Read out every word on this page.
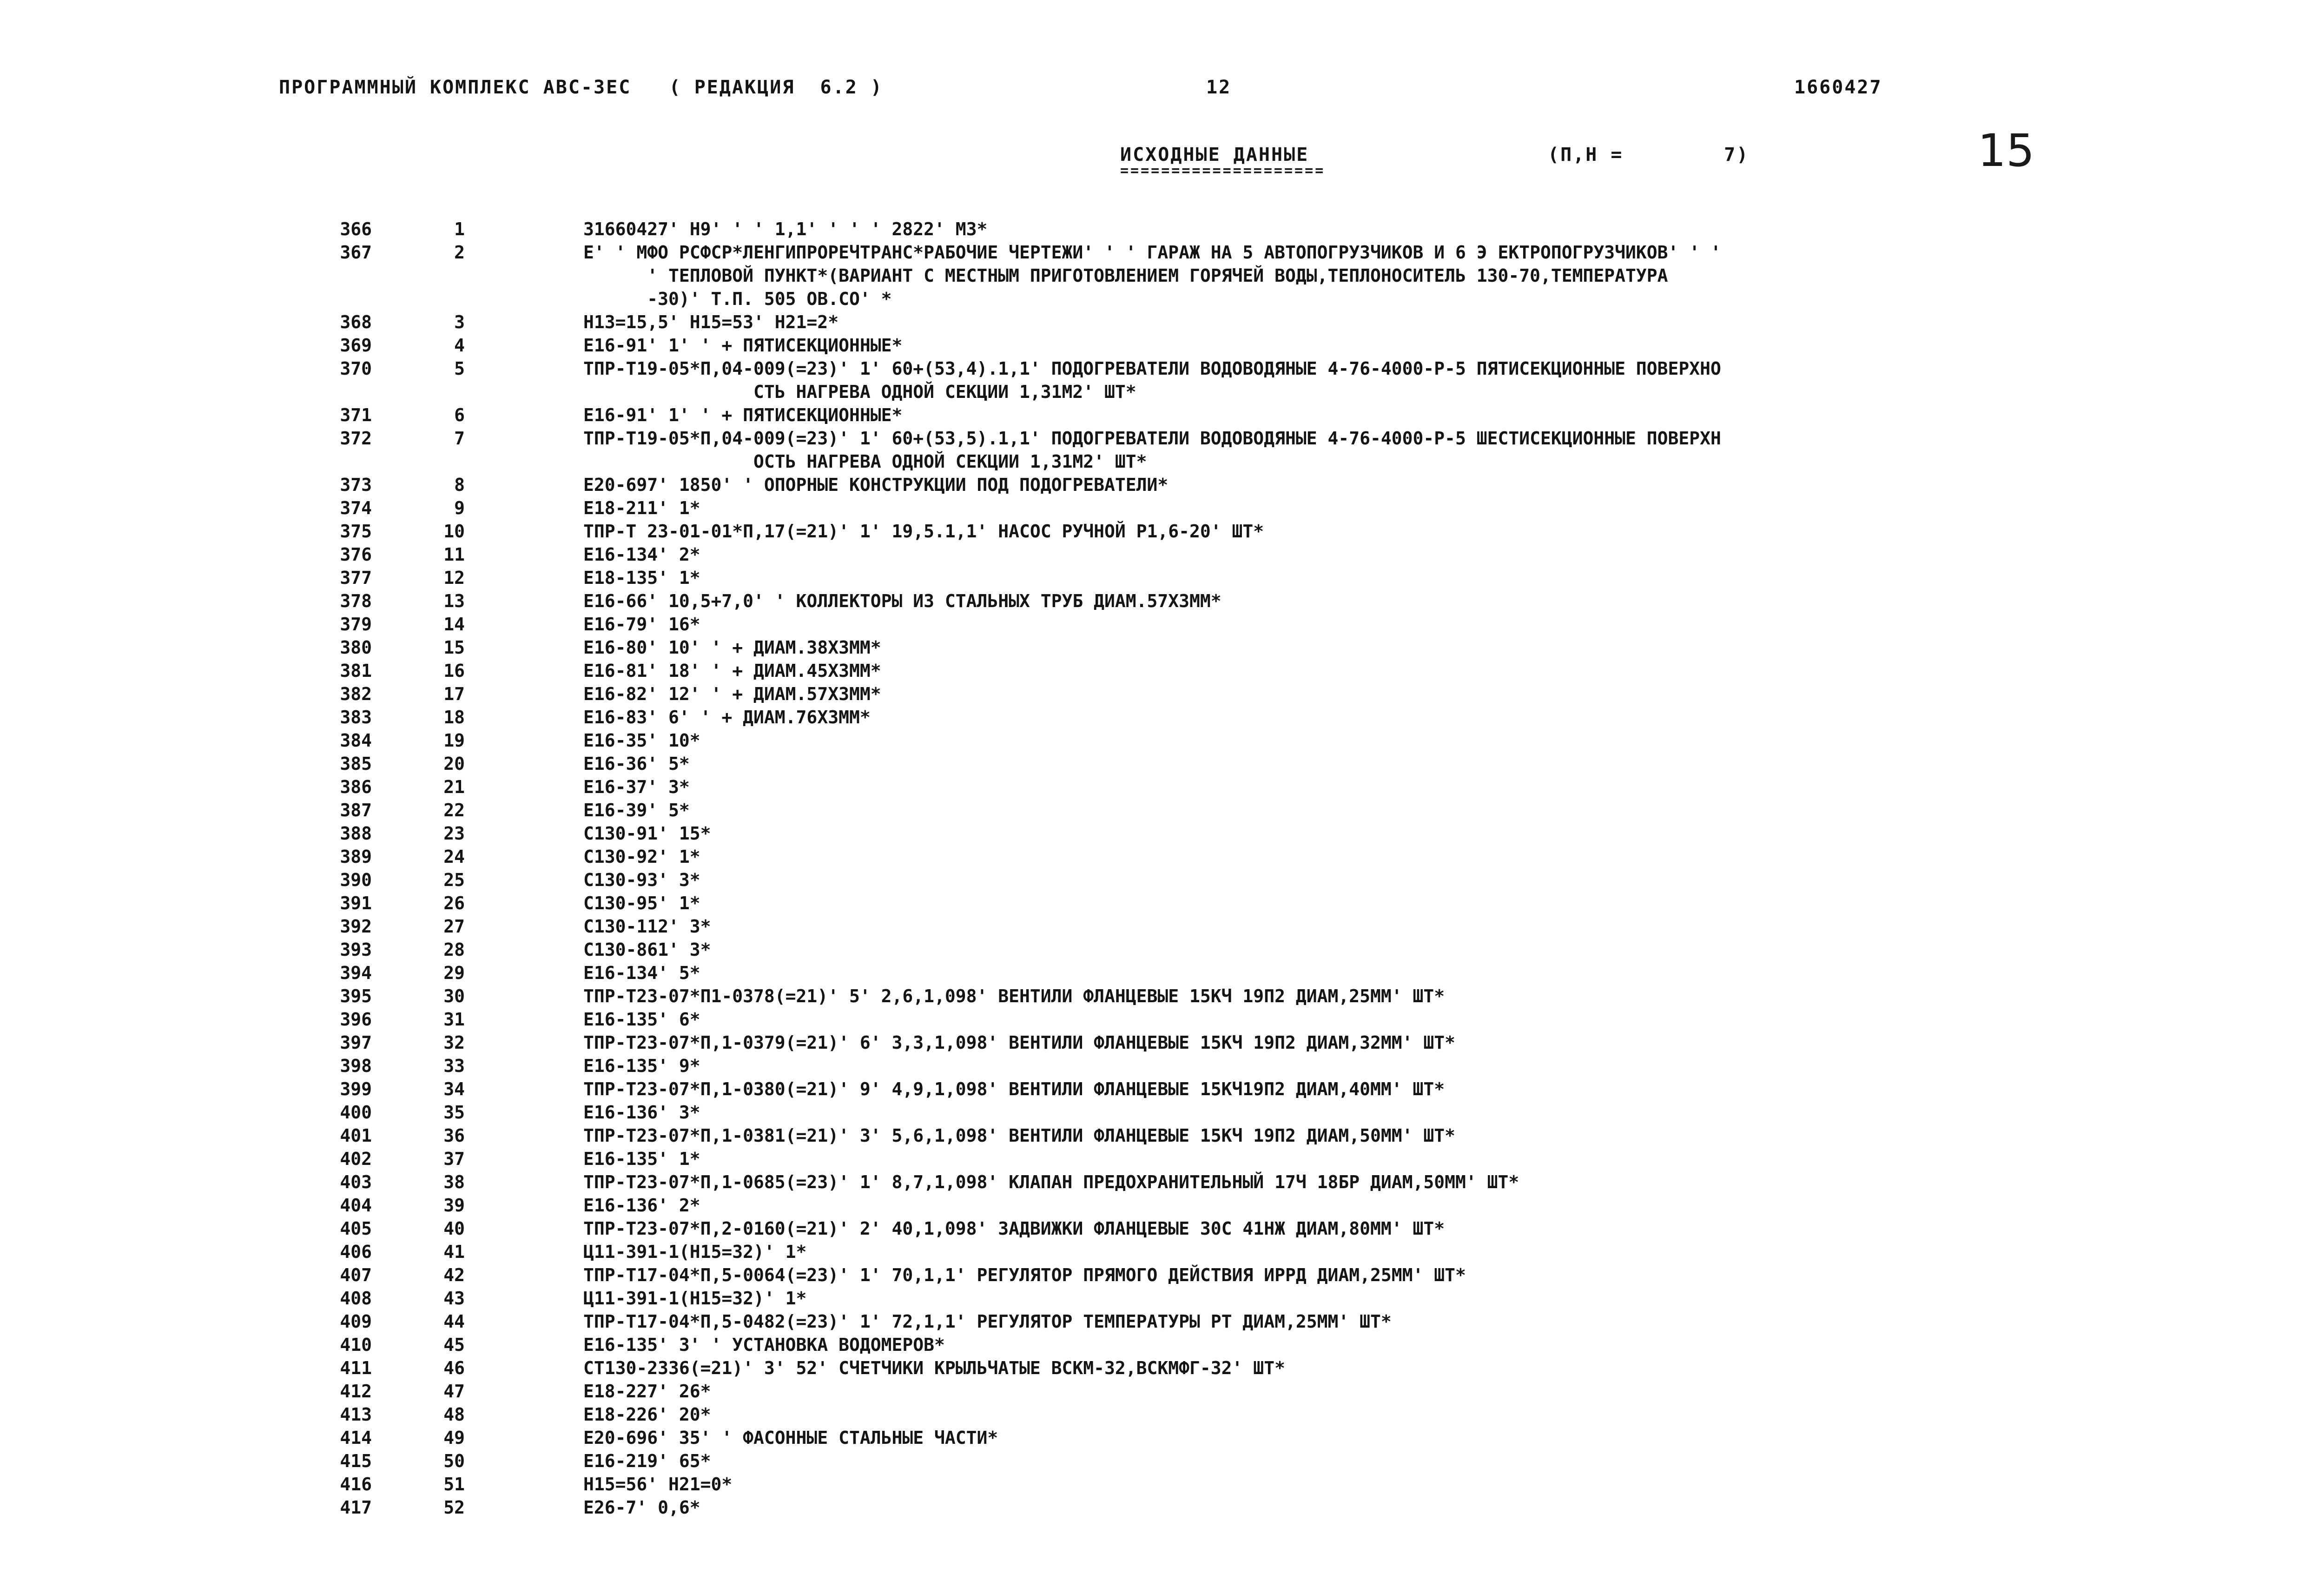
ПРОГРАММНЫЙ КОМПЛЕКС АВС-ЗЕС   ( РЕДАКЦИЯ  6.2 )	12	1660427
ИСХОДНЫЕ ДАННЫЕ
====================
(П,Н =        7)	15
366	1	31660427' Н9' ' ' 1,1' ' ' ' 2822' М3*
367	2	Е' ' МФО РСФСР*ЛЕНГИПРОРЕЧТРАНС*РАБОЧИЕ ЧЕРТЕЖИ' ' ' ГАРАЖ НА 5 АВТОПОГРУЗЧИКОВ И 6 Э ЕКТРОПОГРУЗЧИКОВ' ' '
' ТЕПЛОВОЙ ПУНКТ*(ВАРИАНТ С МЕСТНЫМ ПРИГОТОВЛЕНИЕМ ГОРЯЧЕЙ ВОДЫ,ТЕПЛОНОСИТЕЛЬ 130-70,ТЕМПЕРАТУРА
-30)' Т.П. 505 ОВ.СО' *
368	3	Н13=15,5' Н15=53' Н21=2*
369	4	Е16-91' 1' ' + ПЯТИСЕКЦИОННЫЕ*
370	5	ТПР-Т19-05*П,04-009(=23)' 1' 60+(53,4).1,1' ПОДОГРЕВАТЕЛИ ВОДОВОДЯНЫЕ 4-76-4000-Р-5 ПЯТИСЕКЦИОННЫЕ ПОВЕРХНО
СТЬ НАГРЕВА ОДНОЙ СЕКЦИИ 1,31М2' ШТ*
371	6	Е16-91' 1' ' + ПЯТИСЕКЦИОННЫЕ*
372	7	ТПР-Т19-05*П,04-009(=23)' 1' 60+(53,5).1,1' ПОДОГРЕВАТЕЛИ ВОДОВОДЯНЫЕ 4-76-4000-Р-5 ШЕСТИСЕКЦИОННЫЕ ПОВЕРХН
ОСТЬ НАГРЕВА ОДНОЙ СЕКЦИИ 1,31М2' ШТ*
373	8	Е20-697' 1850' ' ОПОРНЫЕ КОНСТРУКЦИИ ПОД ПОДОГРЕВАТЕЛИ*
374	9	Е18-211' 1*
375	10	ТПР-Т 23-01-01*П,17(=21)' 1' 19,5.1,1' НАСОС РУЧНОЙ Р1,6-20' ШТ*
376	11	Е16-134' 2*
377	12	Е18-135' 1*
378	13	Е16-66' 10,5+7,0' ' КОЛЛЕКТОРЫ ИЗ СТАЛЬНЫХ ТРУБ ДИАМ.57Х3ММ*
379	14	Е16-79' 16*
380	15	Е16-80' 10' ' + ДИАМ.38Х3ММ*
381	16	Е16-81' 18' ' + ДИАМ.45Х3ММ*
382	17	Е16-82' 12' ' + ДИАМ.57Х3ММ*
383	18	Е16-83' 6' ' + ДИАМ.76Х3ММ*
384	19	Е16-35' 10*
385	20	Е16-36' 5*
386	21	Е16-37' 3*
387	22	Е16-39' 5*
388	23	С130-91' 15*
389	24	С130-92' 1*
390	25	С130-93' 3*
391	26	С130-95' 1*
392	27	С130-112' 3*
393	28	С130-861' 3*
394	29	Е16-134' 5*
395	30	ТПР-Т23-07*П1-0378(=21)' 5' 2,6,1,098' ВЕНТИЛИ ФЛАНЦЕВЫЕ 15КЧ 19П2 ДИАМ,25ММ' ШТ*
396	31	Е16-135' 6*
397	32	ТПР-Т23-07*П,1-0379(=21)' 6' 3,3,1,098' ВЕНТИЛИ ФЛАНЦЕВЫЕ 15КЧ 19П2 ДИАМ,32ММ' ШТ*
398	33	Е16-135' 9*
399	34	ТПР-Т23-07*П,1-0380(=21)' 9' 4,9,1,098' ВЕНТИЛИ ФЛАНЦЕВЫЕ 15КЧ19П2 ДИАМ,40ММ' ШТ*
400	35	Е16-136' 3*
401	36	ТПР-Т23-07*П,1-0381(=21)' 3' 5,6,1,098' ВЕНТИЛИ ФЛАНЦЕВЫЕ 15КЧ 19П2 ДИАМ,50ММ' ШТ*
402	37	Е16-135' 1*
403	38	ТПР-Т23-07*П,1-0685(=23)' 1' 8,7,1,098' КЛАПАН ПРЕДОХРАНИТЕЛЬНЫЙ 17Ч 18БР ДИАМ,50ММ' ШТ*
404	39	Е16-136' 2*
405	40	ТПР-Т23-07*П,2-0160(=21)' 2' 40,1,098' ЗАДВИЖКИ ФЛАНЦЕВЫЕ 30С 41НЖ ДИАМ,80ММ' ШТ*
406	41	Ц11-391-1(Н15=32)' 1*
407	42	ТПР-Т17-04*П,5-0064(=23)' 1' 70,1,1' РЕГУЛЯТОР ПРЯМОГО ДЕЙСТВИЯ ИРРД ДИАМ,25ММ' ШТ*
408	43	Ц11-391-1(Н15=32)' 1*
409	44	ТПР-Т17-04*П,5-0482(=23)' 1' 72,1,1' РЕГУЛЯТОР ТЕМПЕРАТУРЫ РТ ДИАМ,25ММ' ШТ*
410	45	Е16-135' 3' ' УСТАНОВКА ВОДОМЕРОВ*
411	46	СТ130-2336(=21)' 3' 52' СЧЕТЧИКИ КРЫЛЬЧАТЫЕ ВСКМ-32,ВСКМФГ-32' ШТ*
412	47	Е18-227' 26*
413	48	Е18-226' 20*
414	49	Е20-696' 35' ' ФАСОННЫЕ СТАЛЬНЫЕ ЧАСТИ*
415	50	Е16-219' 65*
416	51	Н15=56' Н21=0*
417	52	Е26-7' 0,6*
